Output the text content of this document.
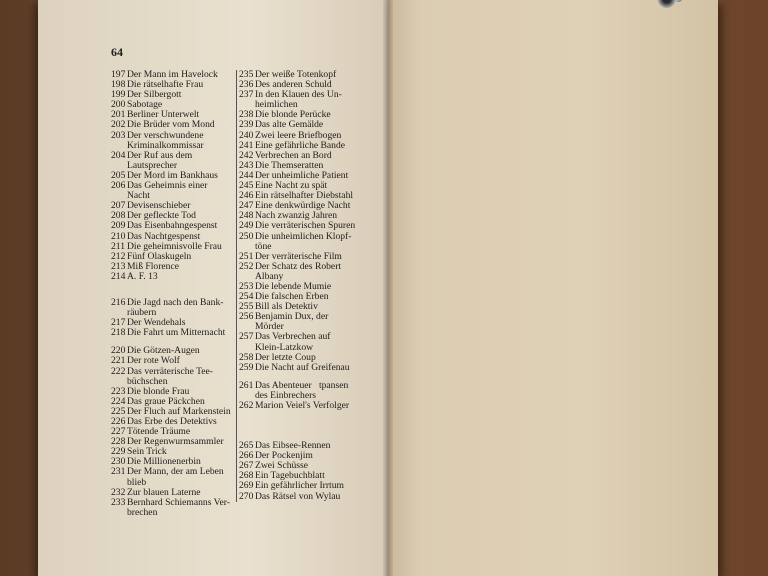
64
197 Der Mann im Havelock
198 Die rätselhafte Frau
199 Der Silbergott
200 Sabotage
201 Berliner Unterwelt
202 Die Brüder vom Mond
203 Der verschwundene
Kriminalkommissar
204 Der Ruf aus dem
Lautsprecher
205 Der Mord im Bankhaus
206 Das Geheimnis einer
Nacht
207 Devisenschieber
208 Der gefleckte Tod
209 Das Eisenbahngespenst
210 Das Nachtgespenst
211 Die geheimnisvolle Frau
212 Fünf Olaskugeln
213 Miß Florence
214 A. F. 13
216 Die Jagd nach den Bank-
räubern
217 Der Wendehals
218 Die Fahrt um Mitternacht
220 Die Götzen-Augen
221 Der rote Wolf
222 Das verräterische Tee-
büchschen
223 Die blonde Frau
224 Das graue Päckchen
225 Der Fluch auf Markenstein
226 Das Erbe des Detektivs
227 Tötende Träume
228 Der Regenwurmsammler
229 Sein Trick
230 Die Millionenerbin
231 Der Mann, der am Leben
blieb
232 Zur blauen Laterne
233 Bernhard Schiemanns Ver-
brechen
235 Der weiße Totenkopf
236 Des anderen Schuld
237 In den Klauen des Un-
heimlichen
238 Die blonde Perücke
239 Das alte Gemälde
240 Zwei leere Briefbogen
241 Eine gefährliche Bande
242 Verbrechen an Bord
243 Die Themseratten
244 Der unheimliche Patient
245 Eine Nacht zu spät
246 Ein rätselhafter Diebstahl
247 Eine denkwürdige Nacht
248 Nach zwanzig Jahren
249 Die verräterischen Spuren
250 Die unheimlichen Klopf-
töne
251 Der verräterische Film
252 Der Schatz des Robert
Albany
253 Die lebende Mumie
254 Die falschen Erben
255 Bill als Detektiv
256 Benjamin Dux, der
Mörder
257 Das Verbrechen auf
Klein-Latzkow
258 Der letzte Coup
259 Die Nacht auf Greifenau
261 Das Abenteuer   tpansen
des Einbrechers
262 Marion Veiel's Verfolger
265 Das Eibsee-Rennen
266 Der Pockenjim
267 Zwei Schüsse
268 Ein Tagebuchblatt
269 Ein gefährlicher Irrtum
270 Das Rätsel von Wylau
